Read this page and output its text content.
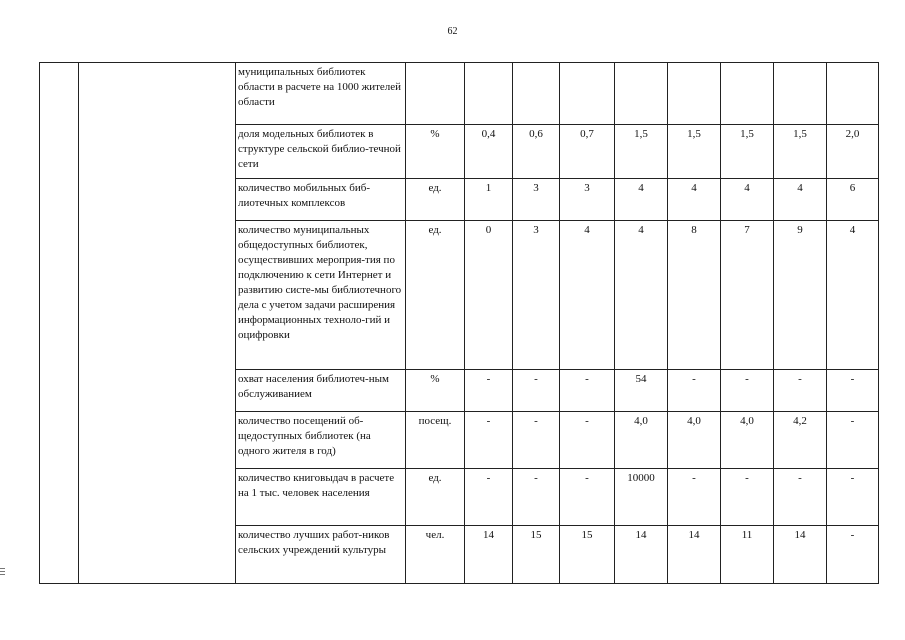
62
		муниципальных библиотек области в расчете на 1000 жителей области									
		доля модельных библиотек в структуре сельской библио-течной сети	%	0,4	0,6	0,7	1,5	1,5	1,5	1,5	2,0
		количество мобильных биб-лиотечных комплексов	ед.	1	3	3	4	4	4	4	6
		количество муниципальных общедоступных библиотек, осуществивших мероприя-тия по подключению к сети Интернет и развитию систе-мы библиотечного дела с учетом задачи расширения информационных техноло-гий и оцифровки	ед.	0	3	4	4	8	7	9	4
		охват населения библиотеч-ным обслуживанием	%	-	-	-	54	-	-	-	-
		количество посещений об-щедоступных библиотек (на одного жителя в год)	посещ.	-	-	-	4,0	4,0	4,0	4,2	-
		количество книговыдач в расчете на 1 тыс. человек населения	ед.	-	-	-	10000	-	-	-	-
		количество лучших работ-ников сельских учреждений культуры	чел.	14	15	15	14	14	11	14	-
